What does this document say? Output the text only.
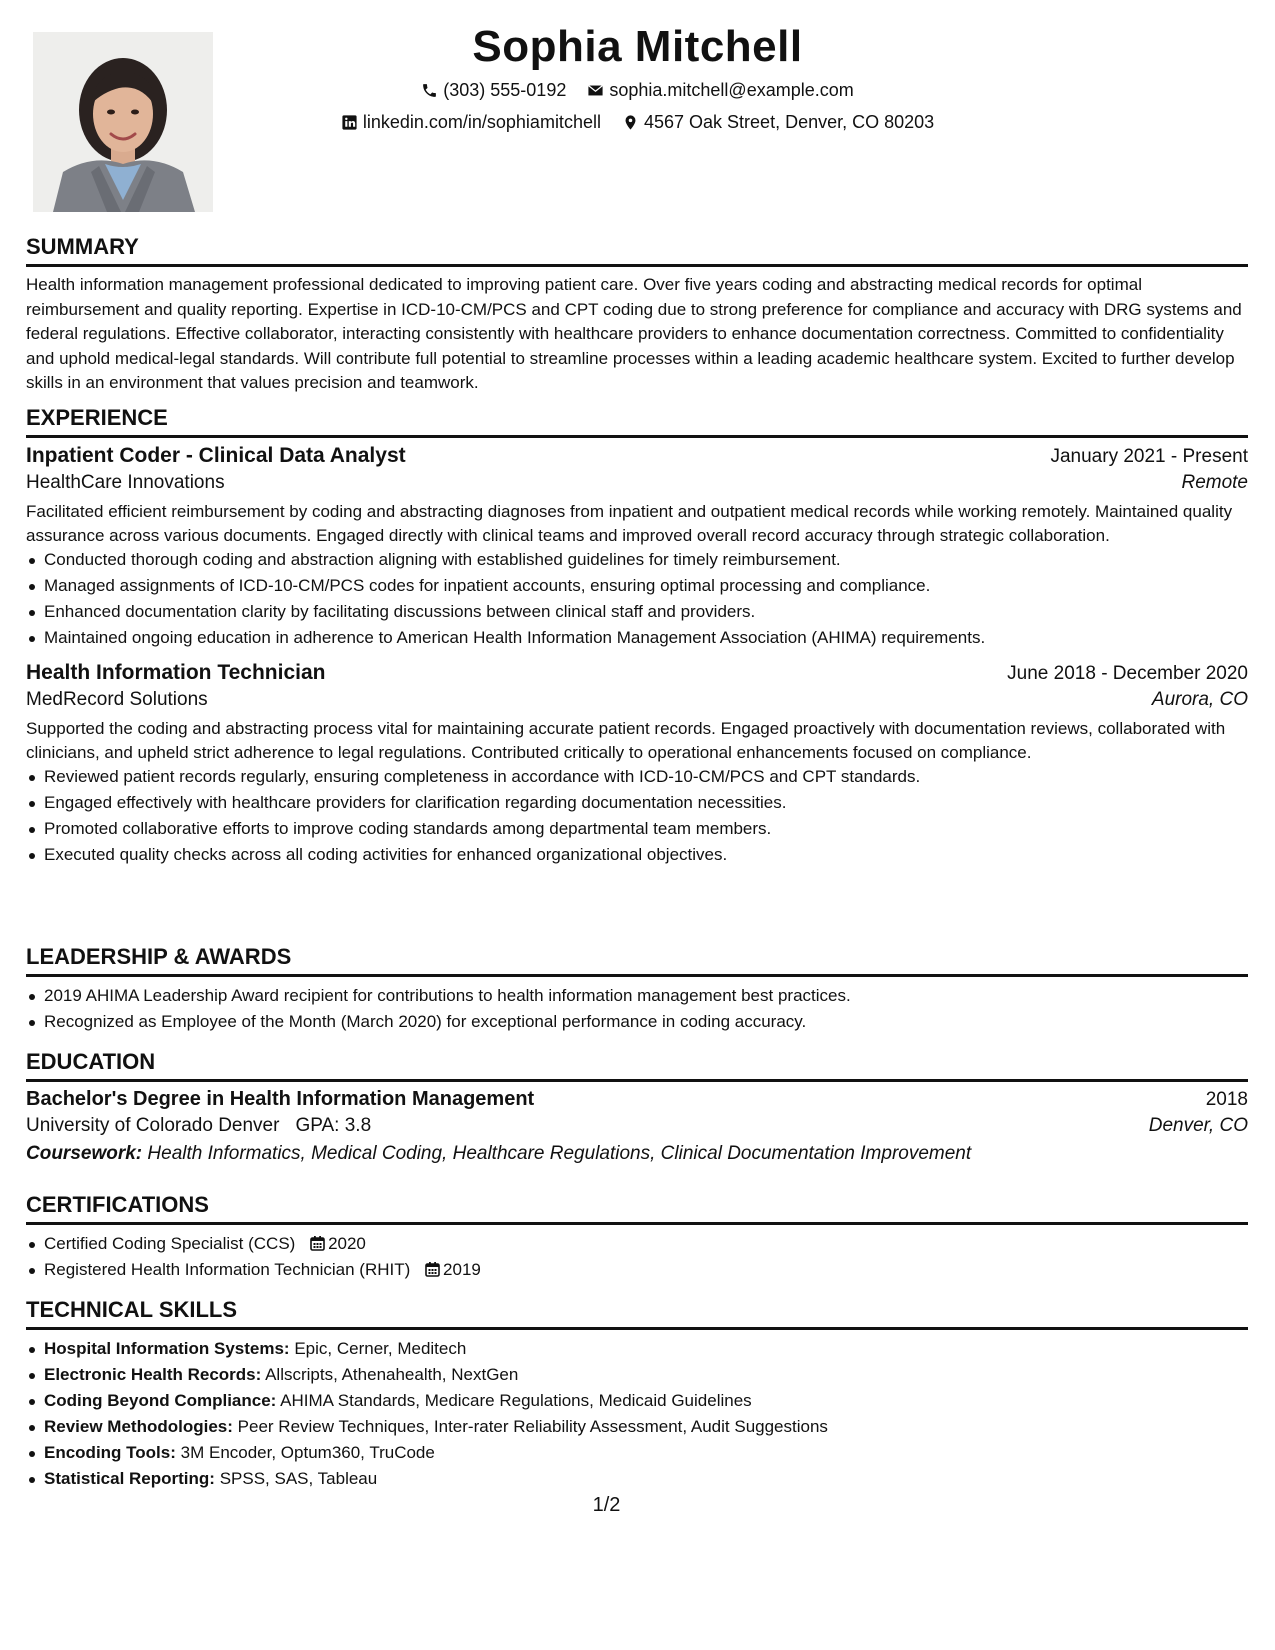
Sophia Mitchell
(303) 555-0192
sophia.mitchell@example.com
linkedin.com/in/sophiamitchell
4567 Oak Street, Denver, CO 80203
SUMMARY

Health information management professional dedicated to improving patient care. Over five years coding and abstracting medical records for optimal reimbursement and quality reporting. Expertise in ICD-10-CM/PCS and CPT coding due to strong preference for compliance and accuracy with DRG systems and federal regulations. Effective collaborator, interacting consistently with healthcare providers to enhance documentation correctness. Committed to confidentiality and uphold medical-legal standards. Will contribute full potential to streamline processes within a leading academic healthcare system. Excited to further develop skills in an environment that values precision and teamwork.

EXPERIENCE
Inpatient Coder - Clinical Data Analyst	January 2021 - Present
HealthCare Innovations	Remote

Facilitated efficient reimbursement by coding and abstracting diagnoses from inpatient and outpatient medical records while working remotely. Maintained quality assurance across various documents. Engaged directly with clinical teams and improved overall record accuracy through strategic collaboration.

Conducted thorough coding and abstraction aligning with established guidelines for timely reimbursement.
Managed assignments of ICD-10-CM/PCS codes for inpatient accounts, ensuring optimal processing and compliance.
Enhanced documentation clarity by facilitating discussions between clinical staff and providers.
Maintained ongoing education in adherence to American Health Information Management Association (AHIMA) requirements.
Health Information Technician	June 2018 - December 2020
MedRecord Solutions	Aurora, CO

Supported the coding and abstracting process vital for maintaining accurate patient records. Engaged proactively with documentation reviews, collaborated with clinicians, and upheld strict adherence to legal regulations. Contributed critically to operational enhancements focused on compliance.

Reviewed patient records regularly, ensuring completeness in accordance with ICD-10-CM/PCS and CPT standards.
Engaged effectively with healthcare providers for clarification regarding documentation necessities.
Promoted collaborative efforts to improve coding standards among departmental team members.
Executed quality checks across all coding activities for enhanced organizational objectives.
LEADERSHIP & AWARDS
2019 AHIMA Leadership Award recipient for contributions to health information management best practices.
Recognized as Employee of the Month (March 2020) for exceptional performance in coding accuracy.
EDUCATION
Bachelor's Degree in Health Information Management	2018
University of Colorado Denver GPA: 3.8	Denver, CO
Coursework: Health Informatics, Medical Coding, Healthcare Regulations, Clinical Documentation Improvement
CERTIFICATIONS
Certified Coding Specialist (CCS) 2020
Registered Health Information Technician (RHIT) 2019
TECHNICAL SKILLS
Hospital Information Systems: Epic, Cerner, Meditech
Electronic Health Records: Allscripts, Athenahealth, NextGen
Coding Beyond Compliance: AHIMA Standards, Medicare Regulations, Medicaid Guidelines
Review Methodologies: Peer Review Techniques, Inter-rater Reliability Assessment, Audit Suggestions
Encoding Tools: 3M Encoder, Optum360, TruCode
Statistical Reporting: SPSS, SAS, Tableau
1/2
